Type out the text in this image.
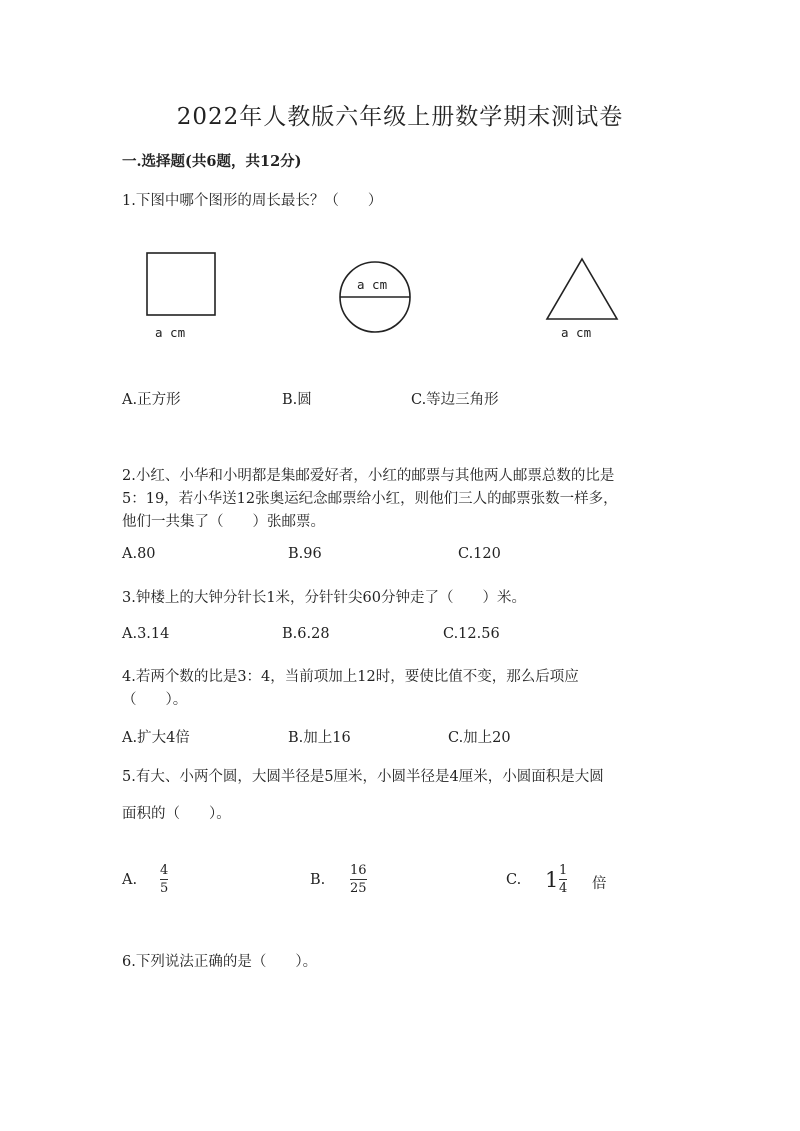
2022年人教版六年级上册数学期末测试卷
一.选择题(共6题，共12分)
1.下图中哪个图形的周长最长？（　　）
a cm
a cm
a cm
A.正方形	B.圆	C.等边三角形
2.小红、小华和小明都是集邮爱好者，小红的邮票与其他两人邮票总数的比是
5：19，若小华送12张奥运纪念邮票给小红，则他们三人的邮票张数一样多，
他们一共集了（　　）张邮票。
A.80	B.96	C.120
3.钟楼上的大钟分针长1米，分针针尖60分钟走了（　　）米。
A.3.14	B.6.28	C.12.56
4.若两个数的比是3：4，当前项加上12时，要使比值不变，那么后项应
（　　）。
A.扩大4倍	B.加上16	C.加上20
5.有大、小两个圆，大圆半径是5厘米，小圆半径是4厘米，小圆面积是大圆
面积的（　　）。
A.
4
5
B.
16
25
C. 1 1
4 倍
6.下列说法正确的是（　　）。
